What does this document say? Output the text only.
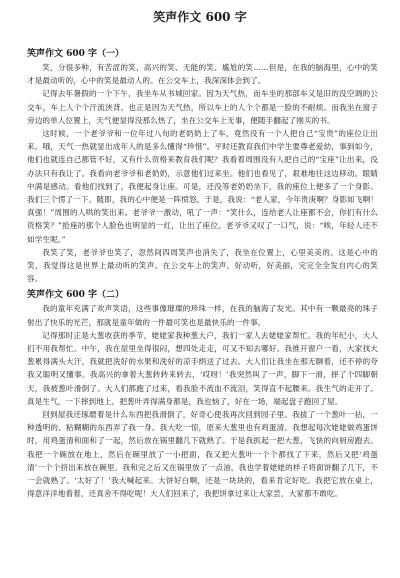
笑声作文 600 字

笑声作文 600 字（一）

笑，分很多种，有苦涩的笑、高兴的笑、无能的笑、尴尬的笑……但是，在我的脑海里，心中的笑才是最动听的，心中的笑是最动人的。在公交车上，我深深体会到了。

记得去年暑假的一个下午，我坐车从书城回家。因为天气热，而车坐的那部车又是旧的没空调的公交车，车上人个个汗流浃背。也正是因为天气热，所以车上的人个个都是一脸的不耐烦。而我坐在窗子旁边的单人位置上，天气便显得没那么热了，坐在公交车上无事，便随手翻起了刚买的书。

这时候，一个老爷爷和一位年过八旬的老奶奶上了车，竟然没有一个人把自己“宝贵”的座位让出来。哦，天气一热就显出成年人的是多么懂得“珍惜”。平时还教育我们中学生要尊老爱幼，事到如今，他们也就连自己都管不好，又有什么资格来教育我们呢？我看着周围没有人把自己的“宝座”让出来，没办法只有我让了。我看向老爷爷和老奶奶，示意他们过来坐。他们也看见了，艰难地往这边移动。眼睛中满是感动。看他们找到了，我便起身让座。可是，还没等老奶奶坐下，我的座位上便多了一个身影。我们三个愣了一下。随即，我的心中便是一阵愤怒。于是，我说：“老人家，今年贵庚啊？身影如飞啊！真强！”周围的人哄的笑出来。老爷爷一激动，吼了一声：“笑什么，连给老人让座都不会，你们有什么资格笑？”抢座的那个人脸色也明显的一红，让出了座位。老爷爷又叹了一口气，说：“唉，年轻人还不如学生呢。”

我笑了笑，老爷爷也笑了，忽然间四周笑声也消失了，我坐在位置上，心里美美的。这是心中的笑，我觉得这是世界上最动听的笑声。在公交车上的笑声，好动听，好美丽，完完全全发自内心的笑容。

笑声作文 600 字（二）

我的童年充满了欢声笑语，这些事像璀璨的珍珠一样，在我的脑海了发光。其中有一颗最亮的珠子射出了快乐的光芒，那就是童年做的一件最可笑也是最快乐的一件事。

记得那时正是大葱收获的季节，姥姥家我种葱大户，我们一家人去姥姥家帮忙。我的年纪小，大人们不用我帮忙。中午，我在屋里坐得很闷，想四处走走，可又不知去哪好。我推开窗户一看，大家找大葱累得满头大汗，我就把洗好的水果和洗好的凉手绢送了过去。大人们让我坐在那无聊着，还不停的夸我又聪明又懂事。我高兴的拿着大葱转转来转去，‘哎呀！’我突然叫了一声，脚下一滑，摔了个四脚朝天，我被葱叶滑倒了。大人们都跑了过来，看我脸不流血不流泪，笑得直不起腰来。我生气的走开了。真是生气，一下摔到地上，把葱叶弄得满身都是，我也恼了，好在一场，端起盘子跑回了屋。

回到屋我还琢磨着是什么东西把我滑倒了，好奇心使我再次回到园子里。我拔了一个葱叶一拈，一种透明的、粘糊糊的东西弄了我一身。我大吃一惊，原来大葱里也有鸡蛋清。我想起每次姥姥做鸡蛋饼时，用鸡蛋清和面和了一起，然后放在锅里翻几下就熟了。于是我抓起一把大葱，飞快的向厨房跑去。我把一个碗放在地上，然后在碗里放了一小把面，我又把大葱叶一个个都找了下来，然后又把‘鸡蛋清’一个个挤出来放在碗里。我和完之后又在锅里放了一点油，我也学着姥姥的样子将面饼翻了几下，不一会就熟了。‘太好了！’我大喊起来。大饼好白啊，还是一块块的，看来肯定好吃。我把它放在桌上，得意洋洋地看着，还真舍不得吃呢！大人们回来了，我把饼拿过来让大家尝，大家都不敢吃。
